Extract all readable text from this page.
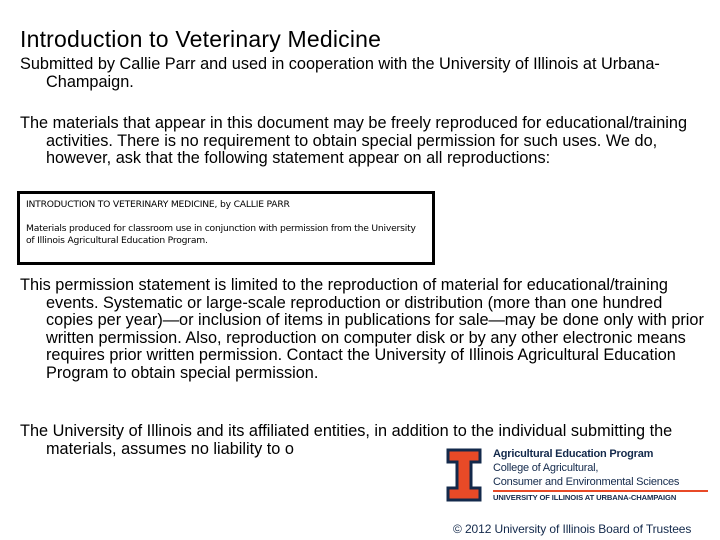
Introduction to Veterinary Medicine

Submitted by Callie Parr and used in cooperation with the University of Illinois at Urbana-Champaign.

The materials that appear in this document may be freely reproduced for educational/training activities. There is no requirement to obtain special permission for such uses. We do, however, ask that the following statement appear on all reproductions:

INTRODUCTION TO VETERINARY MEDICINE, by CALLIE PARR
Materials produced for classroom use in conjunction with permission from the University of Illinois Agricultural Education Program.

This permission statement is limited to the reproduction of material for educational/training events. Systematic or large-scale reproduction or distribution (more than one hundred copies per year)—or inclusion of items in publications for sale—may be done only with prior written permission. Also, reproduction on computer disk or by any other electronic means requires prior written permission. Contact the University of Illinois Agricultural Education Program to obtain special permission.

The University of Illinois and its affiliated entities, in addition to the individual submitting the materials, assumes no liability to o	Agricultural Education Program
College of Agricultural,
Consumer and Environmental Sciences
UNIVERSITY OF ILLINOIS AT URBANA-CHAMPAIGN
© 2012 University of Illinois Board of Trustees
